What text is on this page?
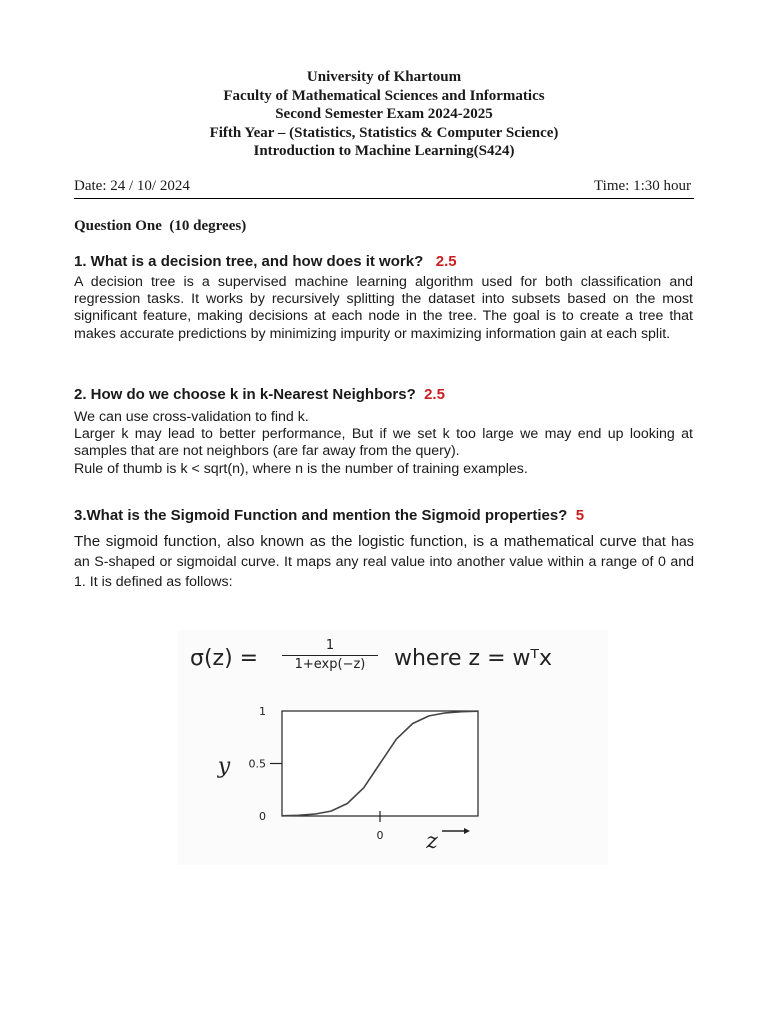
University of Khartoum
Faculty of Mathematical Sciences and Informatics
Second Semester Exam 2024-2025
Fifth Year – (Statistics, Statistics & Computer Science)
Introduction to Machine Learning(S424)
Date: 24 / 10/ 2024	Time: 1:30 hour
Question One  (10 degrees)
1. What is a decision tree, and how does it work? 2.5

A decision tree is a supervised machine learning algorithm used for both classification and regression tasks. It works by recursively splitting the dataset into subsets based on the most significant feature, making decisions at each node in the tree. The goal is to create a tree that makes accurate predictions by minimizing impurity or maximizing information gain at each split.

2. How do we choose k in k-Nearest Neighbors? 2.5

We can use cross-validation to find k.

Larger k may lead to better performance, But if we set k too large we may end up looking at samples that are not neighbors (are far away from the query).

Rule of thumb is k < sqrt(n), where n is the number of training examples.

3.What is the Sigmoid Function and mention the Sigmoid properties? 5
The sigmoid function, also known as the logistic function, is a mathematical curve that has an S-shaped or sigmoidal curve. It maps any real value into another value within a range of 0 and 1. It is defined as follows:
σ(z) =
1
1+exp(−z)	where z = wᵀx
0
0.5
1
0
y
z
